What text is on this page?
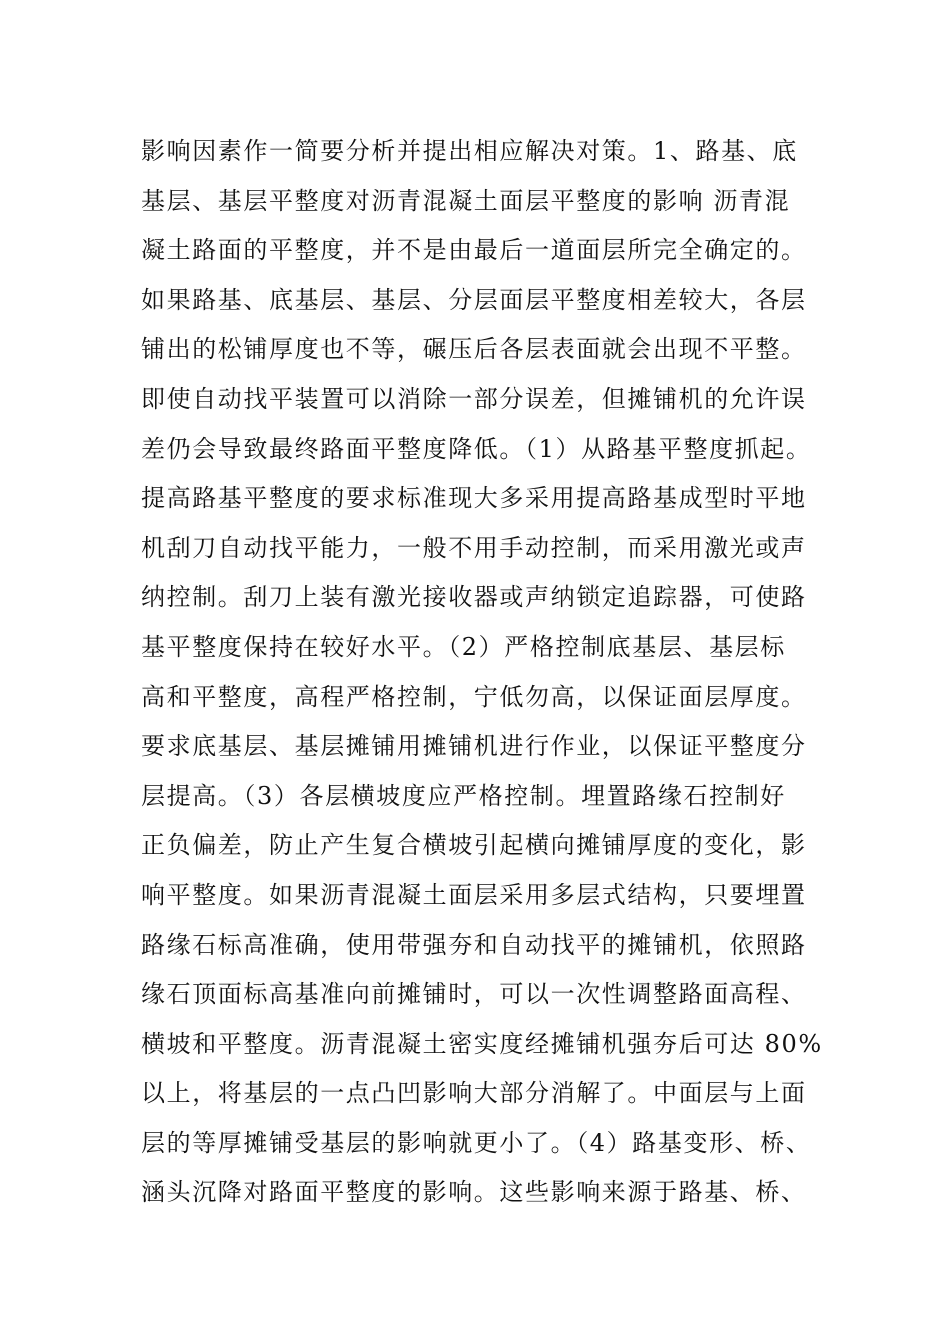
影响因素作一简要分析并提出相应解决对策。1、路基、底
基层、基层平整度对沥青混凝土面层平整度的影响 沥青混
凝土路面的平整度，并不是由最后一道面层所完全确定的。
如果路基、底基层、基层、分层面层平整度相差较大，各层
铺出的松铺厚度也不等，碾压后各层表面就会出现不平整。
即使自动找平装置可以消除一部分误差，但摊铺机的允许误
差仍会导致最终路面平整度降低。（1）从路基平整度抓起。
提高路基平整度的要求标准现大多采用提高路基成型时平地
机刮刀自动找平能力，一般不用手动控制，而采用激光或声
纳控制。刮刀上装有激光接收器或声纳锁定追踪器，可使路
基平整度保持在较好水平。（2）严格控制底基层、基层标
高和平整度，高程严格控制，宁低勿高，以保证面层厚度。
要求底基层、基层摊铺用摊铺机进行作业，以保证平整度分
层提高。（3）各层横坡度应严格控制。埋置路缘石控制好
正负偏差，防止产生复合横坡引起横向摊铺厚度的变化，影
响平整度。如果沥青混凝土面层采用多层式结构，只要埋置
路缘石标高准确，使用带强夯和自动找平的摊铺机，依照路
缘石顶面标高基准向前摊铺时，可以一次性调整路面高程、
横坡和平整度。沥青混凝土密实度经摊铺机强夯后可达 80%
以上，将基层的一点凸凹影响大部分消解了。中面层与上面
层的等厚摊铺受基层的影响就更小了。（4）路基变形、桥、
涵头沉降对路面平整度的影响。这些影响来源于路基、桥、
